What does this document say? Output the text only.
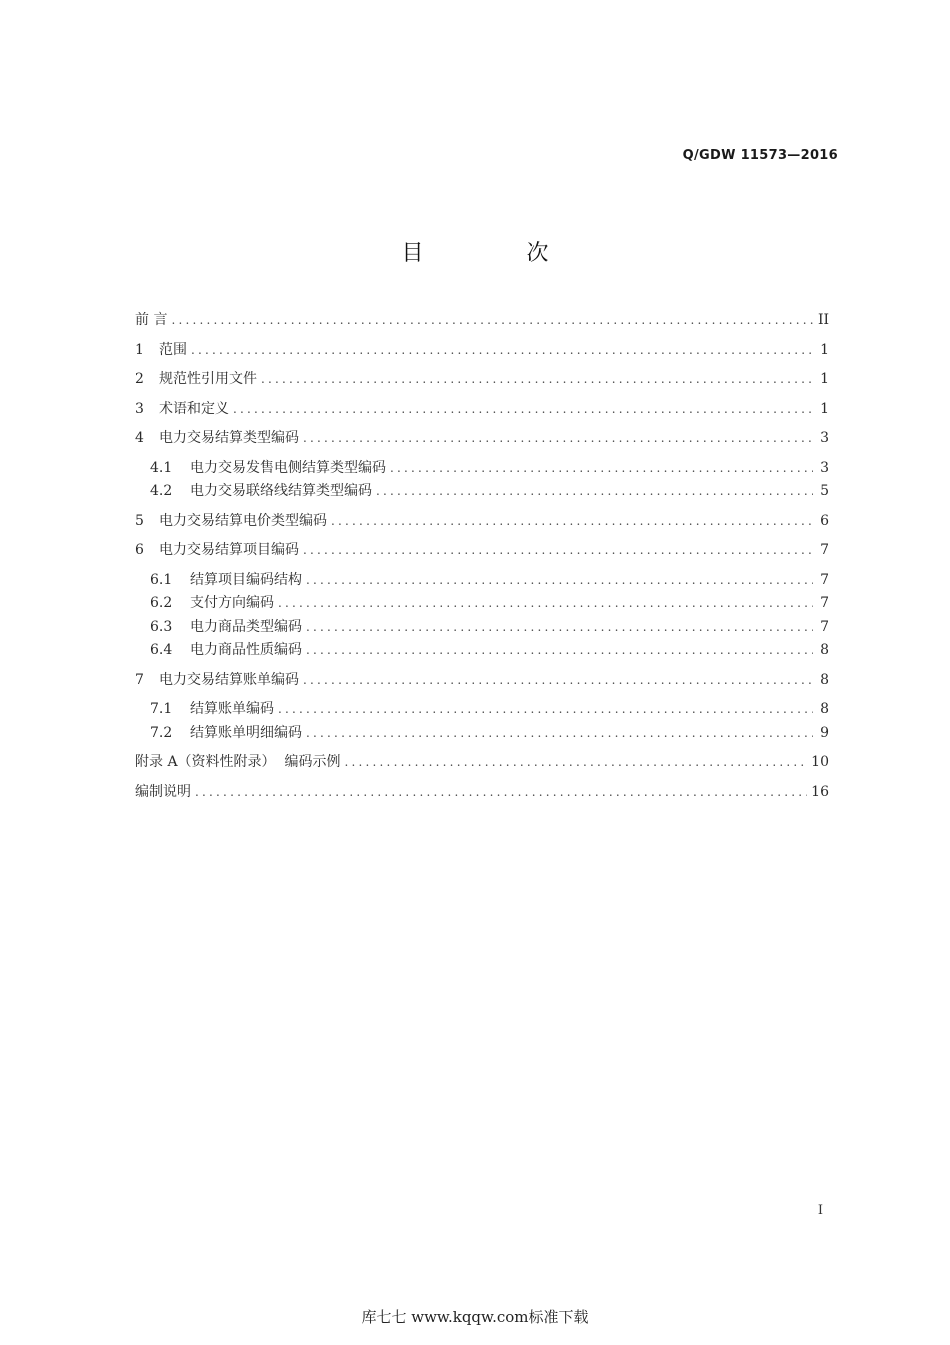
Q/GDW 11573—2016
目 次
前 言 .....	II
1	范围 .....	1
2	规范性引用文件 .....	1
3	术语和定义 .....	1
4	电力交易结算类型编码 .....	3
4.1	电力交易发售电侧结算类型编码 .....	3
4.2	电力交易联络线结算类型编码 .....	5
5	电力交易结算电价类型编码 .....	6
6	电力交易结算项目编码 .....	7
6.1	结算项目编码结构 .....	7
6.2	支付方向编码 .....	7
6.3	电力商品类型编码 .....	7
6.4	电力商品性质编码 .....	8
7	电力交易结算账单编码 .....	8
7.1	结算账单编码 .....	8
7.2	结算账单明细编码 .....	9
附录 A（资料性附录）  编码示例 .....	10
编制说明 .....	16
I
库七七 www.kqqw.com标准下载
